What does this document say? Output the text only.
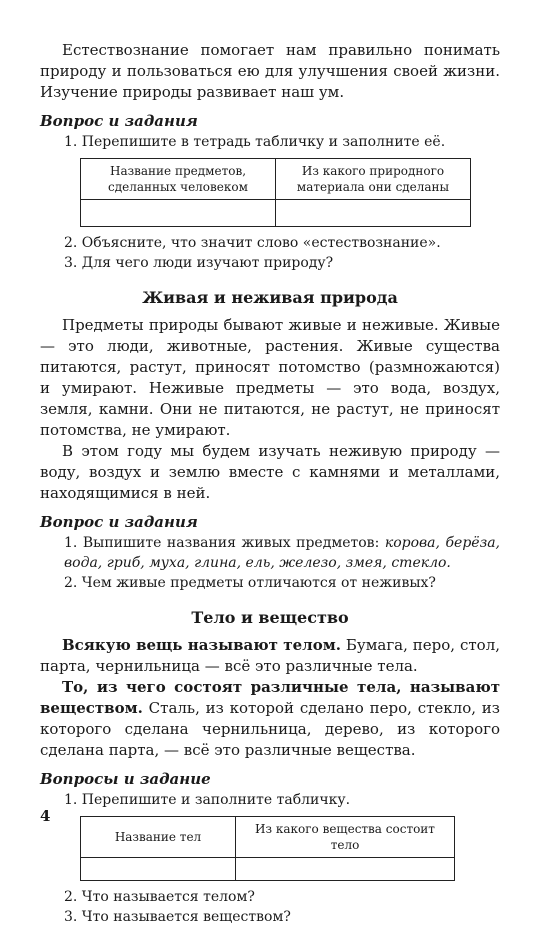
Естествознание помогает нам правильно понимать природу и пользоваться ею для улучшения своей жизни. Изучение природы развивает наш ум.

Вопрос и задания
1. Перепишите в тетрадь табличку и заполните её.
Название предметов, сделанных человеком	Из какого природного материала они сделаны

2. Объясните, что значит слово «естествознание».
3. Для чего люди изучают природу?
Живая и неживая природа

Предметы природы бывают живые и неживые. Живые — это люди, животные, растения. Живые существа питаются, растут, приносят потомство (размножаются) и умирают. Неживые предметы — это вода, воздух, земля, камни. Они не питаются, не растут, не приносят потомства, не умирают.

В этом году мы будем изучать неживую природу — воду, воздух и землю вместе с камнями и металлами, находящимися в ней.

Вопрос и задания
1. Выпишите названия живых предметов: корова, берёза, вода, гриб, муха, глина, ель, железо, змея, стекло.
2. Чем живые предметы отличаются от неживых?
Тело и вещество

Всякую вещь называют телом. Бумага, перо, стол, парта, чернильница — всё это различные тела.

То, из чего состоят различные тела, называют веществом. Сталь, из которой сделано перо, стекло, из которого сделана чернильница, дерево, из которого сделана парта, — всё это различные вещества.

Вопросы и задание
1. Перепишите и заполните табличку.
Название тел	Из какого вещества состоит тело

2. Что называется телом?
3. Что называется веществом?
4
